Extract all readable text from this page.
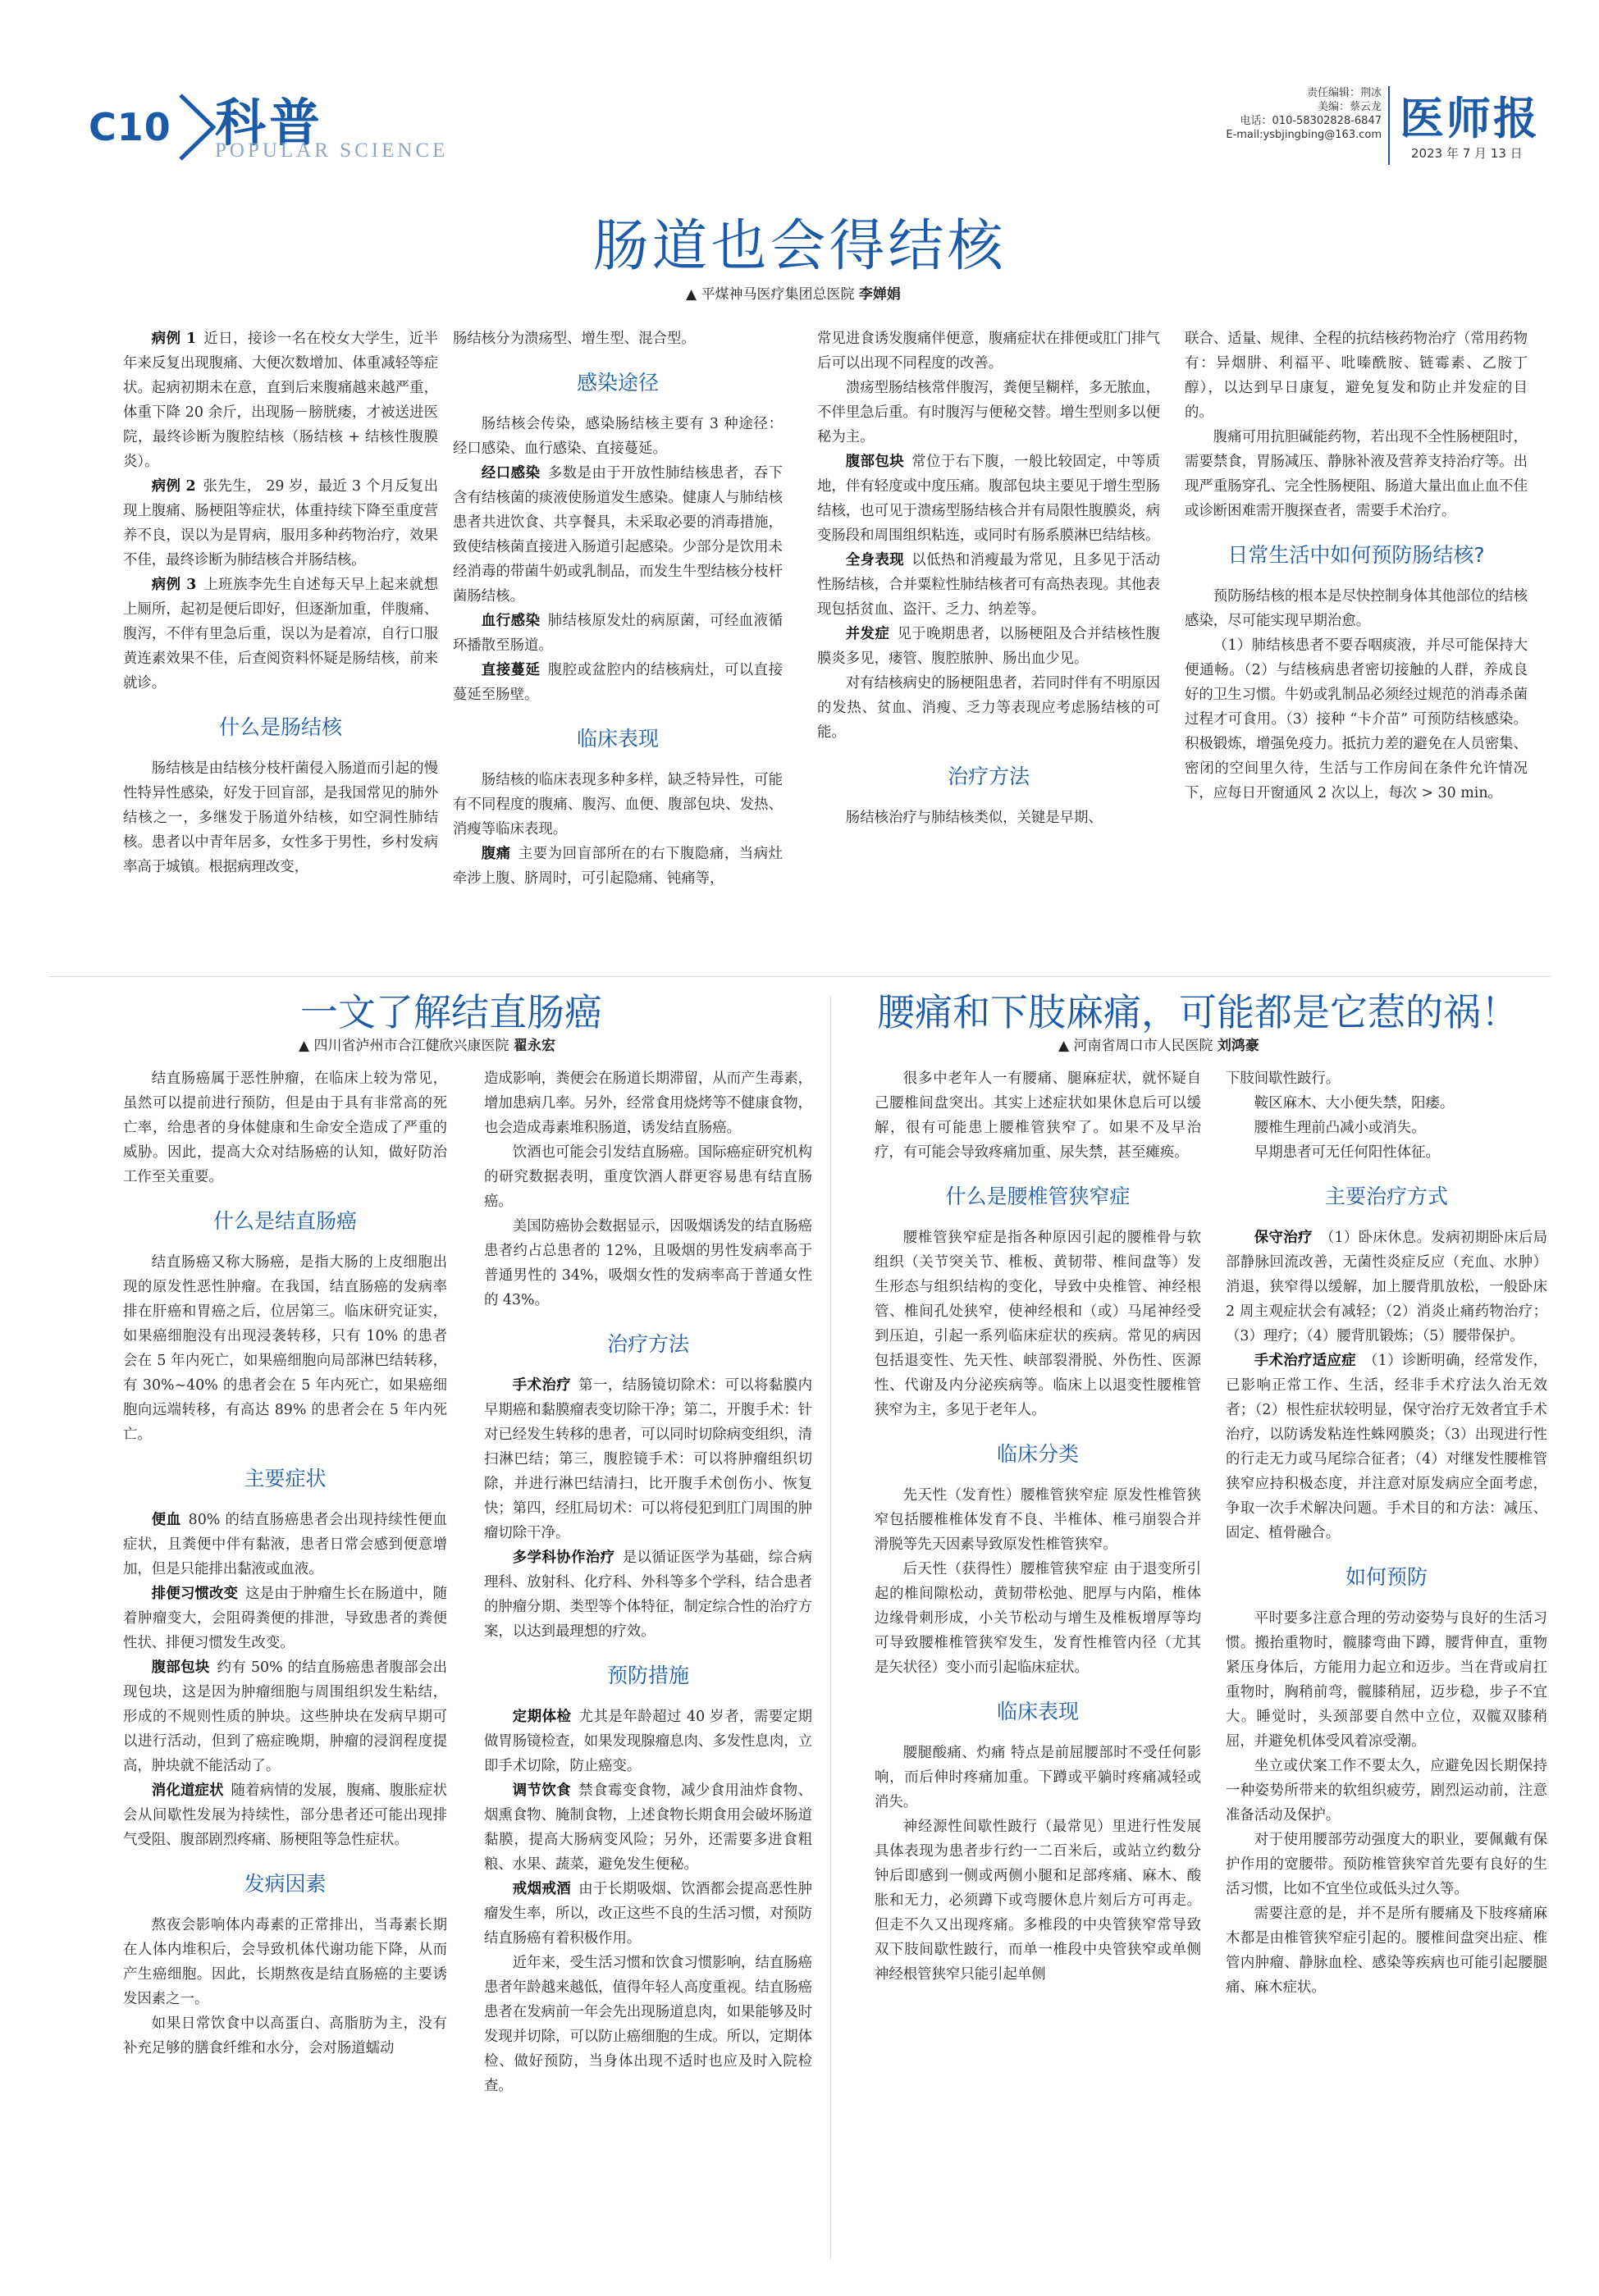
C10 科普
POPULAR SCIENCE
责任编辑：荆冰
美编：蔡云龙
电话：010-58302828-6847
E-mail:ysbjingbing@163.com 医师报
2023 年 7 月 13 日
肠道也会得结核
▲ 平煤神马医疗集团总医院 李婵娟

病例 1  近日，接诊一名在校女大学生，近半年来反复出现腹痛、大便次数增加、体重减轻等症状。起病初期未在意，直到后来腹痛越来越严重，体重下降 20 余斤，出现肠－膀胱瘘，才被送进医院，最终诊断为腹腔结核（肠结核 + 结核性腹膜炎）。

病例 2  张先生， 29 岁，最近 3 个月反复出现上腹痛、肠梗阻等症状，体重持续下降至重度营养不良，误以为是胃病，服用多种药物治疗，效果不佳，最终诊断为肺结核合并肠结核。

病例 3  上班族李先生自述每天早上起来就想上厕所，起初是便后即好，但逐渐加重，伴腹痛、腹泻，不伴有里急后重，误以为是着凉，自行口服黄连素效果不佳，后查阅资料怀疑是肠结核，前来就诊。

什么是肠结核

肠结核是由结核分枝杆菌侵入肠道而引起的慢性特异性感染，好发于回盲部，是我国常见的肺外结核之一，多继发于肠道外结核，如空洞性肺结核。患者以中青年居多，女性多于男性，乡村发病率高于城镇。根据病理改变，

肠结核分为溃疡型、增生型、混合型。

感染途径

肠结核会传染，感染肠结核主要有 3 种途径：经口感染、血行感染、直接蔓延。

经口感染  多数是由于开放性肺结核患者，吞下含有结核菌的痰液使肠道发生感染。健康人与肺结核患者共进饮食、共享餐具，未采取必要的消毒措施，致使结核菌直接进入肠道引起感染。少部分是饮用未经消毒的带菌牛奶或乳制品，而发生牛型结核分枝杆菌肠结核。

血行感染  肺结核原发灶的病原菌，可经血液循环播散至肠道。

直接蔓延  腹腔或盆腔内的结核病灶，可以直接蔓延至肠壁。

临床表现

肠结核的临床表现多种多样，缺乏特异性，可能有不同程度的腹痛、腹泻、血便、腹部包块、发热、消瘦等临床表现。

腹痛  主要为回盲部所在的右下腹隐痛，当病灶牵涉上腹、脐周时，可引起隐痛、钝痛等，

常见进食诱发腹痛伴便意，腹痛症状在排便或肛门排气后可以出现不同程度的改善。

溃疡型肠结核常伴腹泻，粪便呈糊样，多无脓血，不伴里急后重。有时腹泻与便秘交替。增生型则多以便秘为主。

腹部包块  常位于右下腹，一般比较固定，中等质地，伴有轻度或中度压痛。腹部包块主要见于增生型肠结核，也可见于溃疡型肠结核合并有局限性腹膜炎，病变肠段和周围组织粘连，或同时有肠系膜淋巴结结核。

全身表现  以低热和消瘦最为常见，且多见于活动性肠结核，合并粟粒性肺结核者可有高热表现。其他表现包括贫血、盗汗、乏力、纳差等。

并发症  见于晚期患者，以肠梗阻及合并结核性腹膜炎多见，瘘管、腹腔脓肿、肠出血少见。

对有结核病史的肠梗阻患者，若同时伴有不明原因的发热、贫血、消瘦、乏力等表现应考虑肠结核的可能。

治疗方法

肠结核治疗与肺结核类似，关键是早期、

联合、适量、规律、全程的抗结核药物治疗（常用药物有：异烟肼、利福平、吡嗪酰胺、链霉素、乙胺丁醇），以达到早日康复，避免复发和防止并发症的目的。

腹痛可用抗胆碱能药物，若出现不全性肠梗阻时，需要禁食，胃肠减压、静脉补液及营养支持治疗等。出现严重肠穿孔、完全性肠梗阻、肠道大量出血止血不佳或诊断困难需开腹探查者，需要手术治疗。

日常生活中如何预防肠结核?

预防肠结核的根本是尽快控制身体其他部位的结核感染，尽可能实现早期治愈。

（1）肺结核患者不要吞咽痰液，并尽可能保持大便通畅。（2）与结核病患者密切接触的人群，养成良好的卫生习惯。牛奶或乳制品必须经过规范的消毒杀菌过程才可食用。（3）接种 “卡介苗” 可预防结核感染。积极锻炼，增强免疫力。抵抗力差的避免在人员密集、密闭的空间里久待，生活与工作房间在条件允许情况下，应每日开窗通风 2 次以上，每次 > 30 min。

一文了解结直肠癌
▲ 四川省泸州市合江健欣兴康医院 翟永宏

结直肠癌属于恶性肿瘤，在临床上较为常见，虽然可以提前进行预防，但是由于具有非常高的死亡率，给患者的身体健康和生命安全造成了严重的威胁。因此，提高大众对结肠癌的认知，做好防治工作至关重要。

什么是结直肠癌

结直肠癌又称大肠癌，是指大肠的上皮细胞出现的原发性恶性肿瘤。在我国，结直肠癌的发病率排在肝癌和胃癌之后，位居第三。临床研究证实，如果癌细胞没有出现浸袭转移，只有 10% 的患者会在 5 年内死亡，如果癌细胞向局部淋巴结转移，有 30%~40% 的患者会在 5 年内死亡，如果癌细胞向远端转移，有高达 89% 的患者会在 5 年内死亡。

主要症状

便血  80% 的结直肠癌患者会出现持续性便血症状，且粪便中伴有黏液，患者日常会感到便意增加，但是只能排出黏液或血液。

排便习惯改变  这是由于肿瘤生长在肠道中，随着肿瘤变大，会阻碍粪便的排泄，导致患者的粪便性状、排便习惯发生改变。

腹部包块  约有 50% 的结直肠癌患者腹部会出现包块，这是因为肿瘤细胞与周围组织发生粘结，形成的不规则性质的肿块。这些肿块在发病早期可以进行活动，但到了癌症晚期，肿瘤的浸润程度提高，肿块就不能活动了。

消化道症状  随着病情的发展，腹痛、腹胀症状会从间歇性发展为持续性，部分患者还可能出现排气受阻、腹部剧烈疼痛、肠梗阻等急性症状。

发病因素

熬夜会影响体内毒素的正常排出，当毒素长期在人体内堆积后，会导致机体代谢功能下降，从而产生癌细胞。因此，长期熬夜是结直肠癌的主要诱发因素之一。

如果日常饮食中以高蛋白、高脂肪为主，没有补充足够的膳食纤维和水分，会对肠道蠕动

造成影响，粪便会在肠道长期滞留，从而产生毒素，增加患病几率。另外，经常食用烧烤等不健康食物，也会造成毒素堆积肠道，诱发结直肠癌。

饮酒也可能会引发结直肠癌。国际癌症研究机构的研究数据表明，重度饮酒人群更容易患有结直肠癌。

美国防癌协会数据显示，因吸烟诱发的结直肠癌患者约占总患者的 12%，且吸烟的男性发病率高于普通男性的 34%，吸烟女性的发病率高于普通女性的 43%。

治疗方法

手术治疗  第一，结肠镜切除术：可以将黏膜内早期癌和黏膜瘤表变切除干净；第二，开腹手术：针对已经发生转移的患者，可以同时切除病变组织，清扫淋巴结；第三，腹腔镜手术：可以将肿瘤组织切除，并进行淋巴结清扫，比开腹手术创伤小、恢复快；第四，经肛局切术：可以将侵犯到肛门周围的肿瘤切除干净。

多学科协作治疗  是以循证医学为基础，综合病理科、放射科、化疗科、外科等多个学科，结合患者的肿瘤分期、类型等个体特征，制定综合性的治疗方案，以达到最理想的疗效。

预防措施

定期体检  尤其是年龄超过 40 岁者，需要定期做胃肠镜检查，如果发现腺瘤息肉、多发性息肉，立即手术切除，防止癌变。

调节饮食  禁食霉变食物，减少食用油炸食物、烟熏食物、腌制食物，上述食物长期食用会破坏肠道黏膜，提高大肠病变风险；另外，还需要多进食粗粮、水果、蔬菜，避免发生便秘。

戒烟戒酒  由于长期吸烟、饮酒都会提高恶性肿瘤发生率，所以，改正这些不良的生活习惯，对预防结直肠癌有着积极作用。

近年来，受生活习惯和饮食习惯影响，结直肠癌患者年龄越来越低，值得年轻人高度重视。结直肠癌患者在发病前一年会先出现肠道息肉，如果能够及时发现并切除，可以防止癌细胞的生成。所以，定期体检、做好预防，当身体出现不适时也应及时入院检查。

腰痛和下肢麻痛，可能都是它惹的祸！
▲ 河南省周口市人民医院 刘鸿豪

很多中老年人一有腰痛、腿麻症状，就怀疑自己腰椎间盘突出。其实上述症状如果休息后可以缓解，很有可能患上腰椎管狭窄了。如果不及早治疗，有可能会导致疼痛加重、尿失禁，甚至瘫痪。

什么是腰椎管狭窄症

腰椎管狭窄症是指各种原因引起的腰椎骨与软组织（关节突关节、椎板、黄韧带、椎间盘等）发生形态与组织结构的变化，导致中央椎管、神经根管、椎间孔处狭窄，使神经根和（或）马尾神经受到压迫，引起一系列临床症状的疾病。常见的病因包括退变性、先天性、峡部裂滑脱、外伤性、医源性、代谢及内分泌疾病等。临床上以退变性腰椎管狭窄为主，多见于老年人。

临床分类

先天性（发育性）腰椎管狭窄症 原发性椎管狭窄包括腰椎椎体发育不良、半椎体、椎弓崩裂合并滑脱等先天因素导致原发性椎管狭窄。

后天性（获得性）腰椎管狭窄症 由于退变所引起的椎间隙松动，黄韧带松弛、肥厚与内陷，椎体边缘骨刺形成，小关节松动与增生及椎板增厚等均可导致腰椎椎管狭窄发生，发育性椎管内径（尤其是矢状径）变小而引起临床症状。

临床表现

腰腿酸痛、灼痛 特点是前屈腰部时不受任何影响，而后伸时疼痛加重。下蹲或平躺时疼痛减轻或消失。

神经源性间歇性跛行（最常见）里进行性发展 具体表现为患者步行约一二百米后，或站立约数分钟后即感到一侧或两侧小腿和足部疼痛、麻木、酸胀和无力，必须蹲下或弯腰休息片刻后方可再走。但走不久又出现疼痛。多椎段的中央管狭窄常导致双下肢间歇性跛行，而单一椎段中央管狭窄或单侧神经根管狭窄只能引起单侧

下肢间歇性跛行。

鞍区麻木、大小便失禁，阳痿。

腰椎生理前凸减小或消失。

早期患者可无任何阳性体征。

主要治疗方式

保守治疗  （1）卧床休息。发病初期卧床后局部静脉回流改善，无菌性炎症反应（充血、水肿）消退，狭窄得以缓解，加上腰背肌放松，一般卧床 2 周主观症状会有减轻；（2）消炎止痛药物治疗；（3）理疗；（4）腰背肌锻炼；（5）腰带保护。

手术治疗适应症  （1）诊断明确，经常发作，已影响正常工作、生活，经非手术疗法久治无效者；（2）根性症状较明显，保守治疗无效者宜手术治疗，以防诱发粘连性蛛网膜炎；（3）出现进行性的行走无力或马尾综合征者；（4）对继发性腰椎管狭窄应持积极态度，并注意对原发病应全面考虑，争取一次手术解决问题。手术目的和方法：减压、固定、植骨融合。

如何预防

平时要多注意合理的劳动姿势与良好的生活习惯。搬抬重物时，髋膝弯曲下蹲，腰背伸直，重物紧压身体后，方能用力起立和迈步。当在背或肩扛重物时，胸稍前弯，髋膝稍屈，迈步稳，步子不宜大。睡觉时，头颈部要自然中立位，双髋双膝稍屈，并避免机体受风着凉受潮。

坐立或伏案工作不要太久，应避免因长期保持一种姿势所带来的软组织疲劳，剧烈运动前，注意准备活动及保护。

对于使用腰部劳动强度大的职业，要佩戴有保护作用的宽腰带。预防椎管狭窄首先要有良好的生活习惯，比如不宜坐位或低头过久等。

需要注意的是，并不是所有腰痛及下肢疼痛麻木都是由椎管狭窄症引起的。腰椎间盘突出症、椎管内肿瘤、静脉血栓、感染等疾病也可能引起腰腿痛、麻木症状。
